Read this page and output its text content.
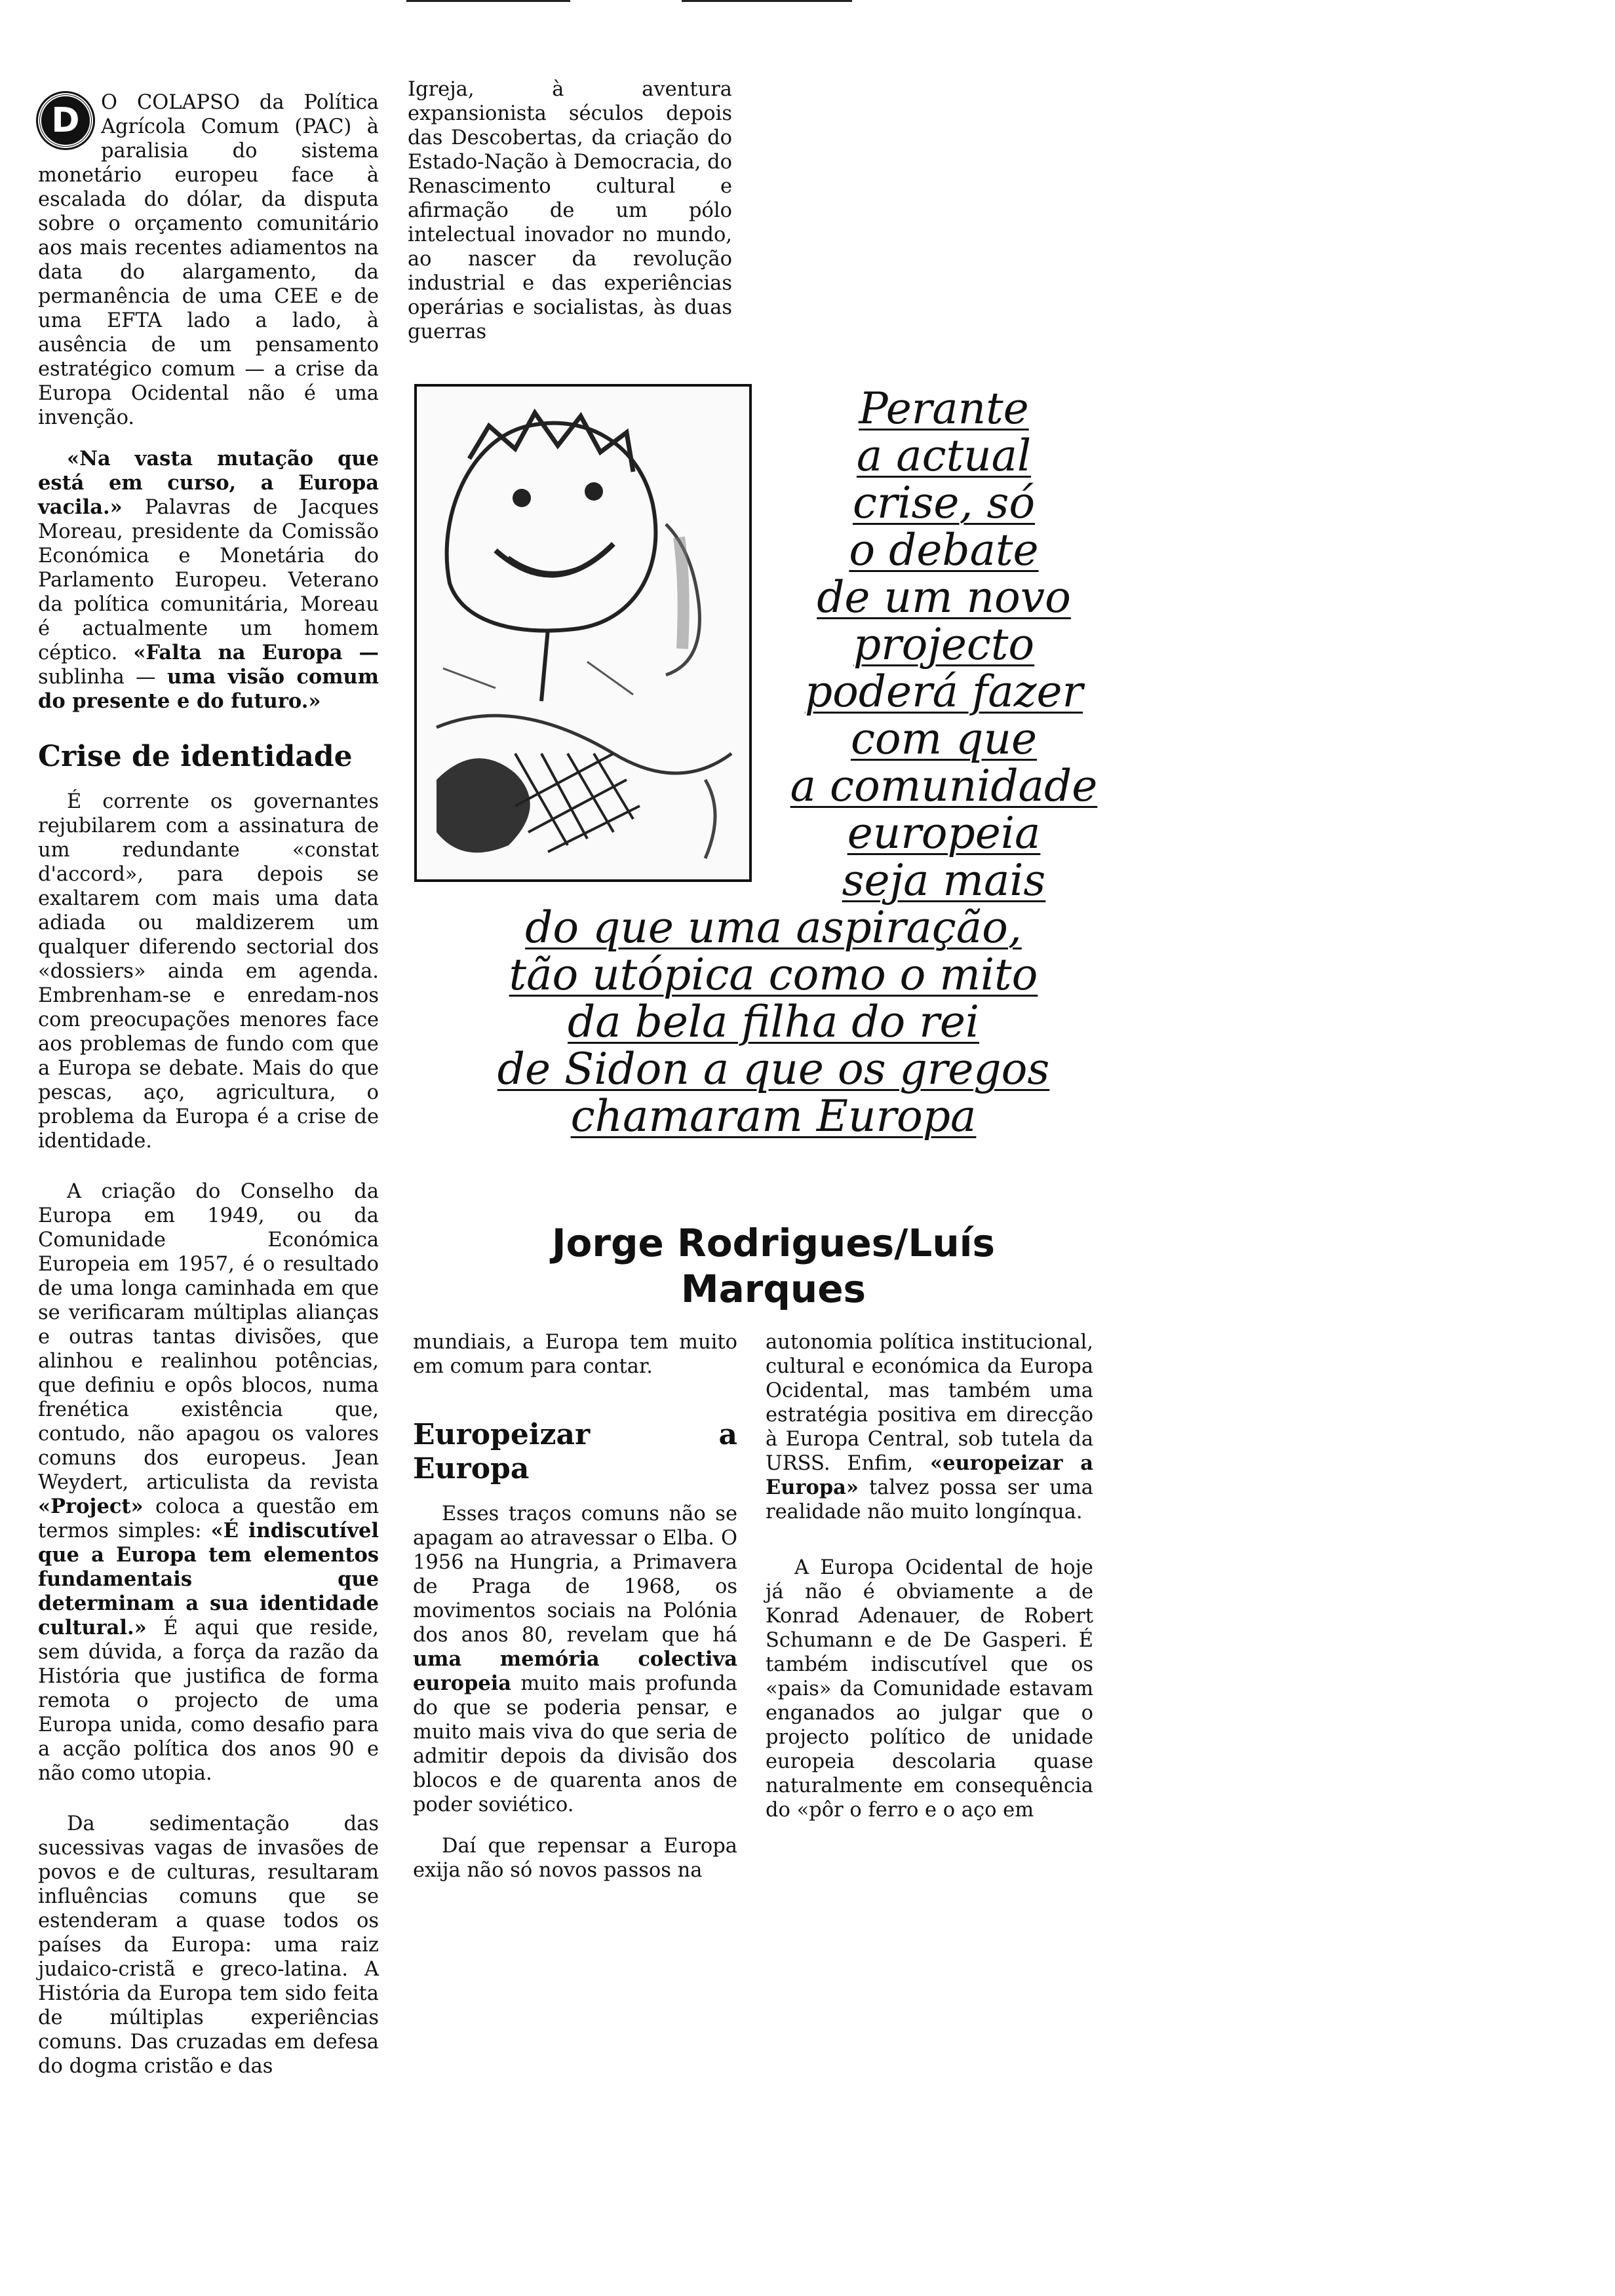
D	O COLAPSO da Política Agrícola Comum (PAC) à paralisia do sistema monetário europeu face à escalada do dólar, da disputa sobre o orçamento comunitário aos mais recentes adiamentos na data do alargamento, da permanência de uma CEE e de uma EFTA lado a lado, à ausência de um pensamento estratégico comum — a crise da Europa Ocidental não é uma invenção.

«Na vasta mutação que está em curso, a Europa vacila.» Palavras de Jacques Moreau, presidente da Comissão Económica e Monetária do Parlamento Europeu. Veterano da política comunitária, Moreau é actualmente um homem céptico. «Falta na Europa — sublinha — uma visão comum do presente e do futuro.»

Crise de identidade

É corrente os governantes rejubilarem com a assinatura de um redundante «constat d'accord», para depois se exaltarem com mais uma data adiada ou maldizerem um qualquer diferendo sectorial dos «dossiers» ainda em agenda. Embrenham-se e enredam-nos com preocupações menores face aos problemas de fundo com que a Europa se debate. Mais do que pescas, aço, agricultura, o problema da Europa é a crise de identidade.

A criação do Conselho da Europa em 1949, ou da Comunidade Económica Europeia em 1957, é o resultado de uma longa caminhada em que se verificaram múltiplas alianças e outras tantas divisões, que alinhou e realinhou potências, que definiu e opôs blocos, numa frenética existência que, contudo, não apagou os valores comuns dos europeus. Jean Weydert, articulista da revista «Project» coloca a questão em termos simples: «É indiscutível que a Europa tem elementos fundamentais que determinam a sua identidade cultural.» É aqui que reside, sem dúvida, a força da razão da História que justifica de forma remota o projecto de uma Europa unida, como desafio para a acção política dos anos 90 e não como utopia.

Da sedimentação das sucessivas vagas de invasões de povos e de culturas, resultaram influências comuns que se estenderam a quase todos os países da Europa: uma raiz judaico-cristã e greco-latina. A História da Europa tem sido feita de múltiplas experiências comuns. Das cruzadas em defesa do dogma cristão e das

Igreja, à aventura expansionista séculos depois das Descobertas, da criação do Estado-Nação à Democracia, do Renascimento cultural e afirmação de um pólo intelectual inovador no mundo, ao nascer da revolução industrial e das experiências operárias e socialistas, às duas guerras

Perante
a actual
crise, só
o debate
de um novo
projecto
poderá fazer
com que
a comunidade
europeia
seja mais
do que uma aspiração,
tão utópica como o mito
da bela filha do rei
de Sidon a que os gregos
chamaram Europa
Jorge Rodrigues/Luís Marques

mundiais, a Europa tem muito em comum para contar.

Europeizar a Europa

Esses traços comuns não se apagam ao atravessar o Elba. O 1956 na Hungria, a Primavera de Praga de 1968, os movimentos sociais na Polónia dos anos 80, revelam que há uma memória colectiva europeia muito mais profunda do que se poderia pensar, e muito mais viva do que seria de admitir depois da divisão dos blocos e de quarenta anos de poder soviético.

Daí que repensar a Europa exija não só novos passos na

autonomia política institucional, cultural e económica da Europa Ocidental, mas também uma estratégia positiva em direcção à Europa Central, sob tutela da URSS. Enfim, «europeizar a Europa» talvez possa ser uma realidade não muito longínqua.

A Europa Ocidental de hoje já não é obviamente a de Konrad Adenauer, de Robert Schumann e de De Gasperi. É também indiscutível que os «pais» da Comunidade estavam enganados ao julgar que o projecto político de unidade europeia descolaria quase naturalmente em consequência do «pôr o ferro e o aço em
